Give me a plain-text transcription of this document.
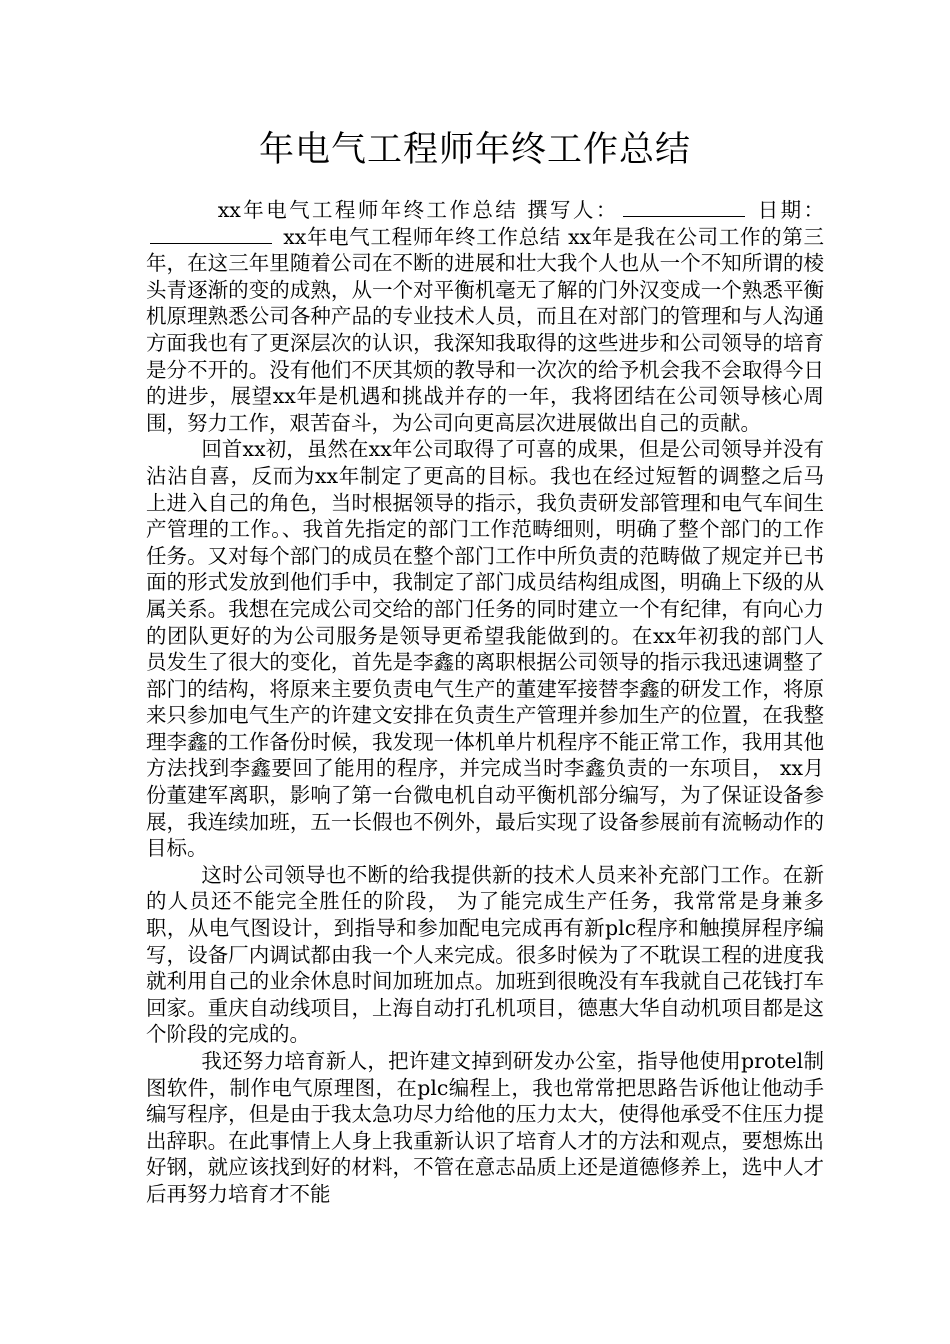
年电气工程师年终工作总结

xx年电气工程师年终工作总结 撰写人：	日期： xx年电气工程师年终工作总结 xx年是我在公司工作的第三年，在这三年里随着公司在不断的进展和壮大我个人也从一个不知所谓的棱头青逐渐的变的成熟，从一个对平衡机毫无了解的门外汉变成一个熟悉平衡机原理熟悉公司各种产品的专业技术人员，而且在对部门的管理和与人沟通方面我也有了更深层次的认识，我深知我取得的这些进步和公司领导的培育是分不开的。没有他们不厌其烦的教导和一次次的给予机会我不会取得今日的进步，展望xx年是机遇和挑战并存的一年，我将团结在公司领导核心周围，努力工作，艰苦奋斗，为公司向更高层次进展做出自己的贡献。

回首xx初，虽然在xx年公司取得了可喜的成果，但是公司领导并没有沾沾自喜，反而为xx年制定了更高的目标。我也在经过短暂的调整之后马上进入自己的角色，当时根据领导的指示，我负责研发部管理和电气车间生产管理的工作。、我首先指定的部门工作范畴细则，明确了整个部门的工作任务。又对每个部门的成员在整个部门工作中所负责的范畴做了规定并已书面的形式发放到他们手中，我制定了部门成员结构组成图，明确上下级的从属关系。我想在完成公司交给的部门任务的同时建立一个有纪律，有向心力的团队更好的为公司服务是领导更希望我能做到的。在xx年初我的部门人员发生了很大的变化，首先是李鑫的离职根据公司领导的指示我迅速调整了部门的结构，将原来主要负责电气生产的董建军接替李鑫的研发工作，将原来只参加电气生产的许建文安排在负责生产管理并参加生产的位置，在我整理李鑫的工作备份时候，我发现一体机单片机程序不能正常工作，我用其他方法找到李鑫要回了能用的程序，并完成当时李鑫负责的一东项目， xx月份董建军离职，影响了第一台微电机自动平衡机部分编写，为了保证设备参展，我连续加班，五一长假也不例外，最后实现了设备参展前有流畅动作的目标。

这时公司领导也不断的给我提供新的技术人员来补充部门工作。在新的人员还不能完全胜任的阶段， 为了能完成生产任务，我常常是身兼多职，从电气图设计，到指导和参加配电完成再有新plc程序和触摸屏程序编写，设备厂内调试都由我一个人来完成。很多时候为了不耽误工程的进度我就利用自己的业余休息时间加班加点。加班到很晚没有车我就自己花钱打车回家。重庆自动线项目，上海自动打孔机项目，德惠大华自动机项目都是这个阶段的完成的。

我还努力培育新人，把许建文掉到研发办公室，指导他使用protel制图软件，制作电气原理图，在plc编程上，我也常常把思路告诉他让他动手编写程序，但是由于我太急功尽力给他的压力太大，使得他承受不住压力提出辞职。在此事情上人身上我重新认识了培育人才的方法和观点，要想炼出好钢，就应该找到好的材料，不管在意志品质上还是道德修养上，选中人才后再努力培育才不能
